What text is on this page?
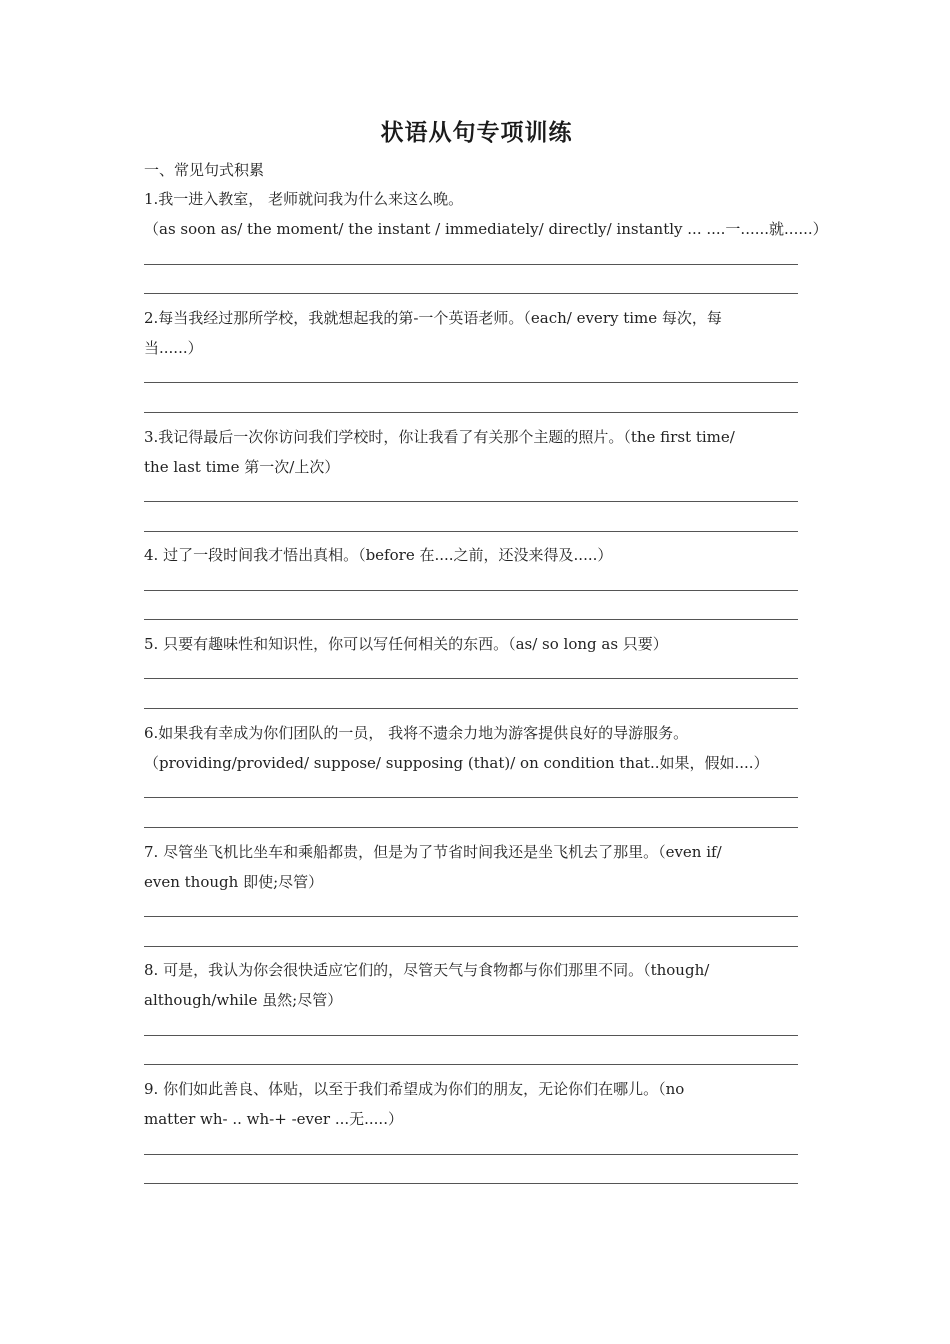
状语从句专项训练
一、常见句式积累
1.我一进入教室， 老师就问我为什么来这么晚。
（as soon as/ the moment/ the instant / immediately/ directly/ instantly ... ....一......就......）
2.每当我经过那所学校，我就想起我的第-一个英语老师。（each/ every time 每次，每
当......）
3.我记得最后一次你访问我们学校时，你让我看了有关那个主题的照片。（the first time/
the last time 第一次/上次）
4. 过了一段时间我才悟出真相。（before 在....之前，还没来得及.....）
5. 只要有趣味性和知识性，你可以写任何相关的东西。（as/ so long as 只要）
6.如果我有幸成为你们团队的一员， 我将不遗余力地为游客提供良好的导游服务。
（providing/provided/ suppose/ supposing (that)/ on condition that..如果，假如....）
7. 尽管坐飞机比坐车和乘船都贵，但是为了节省时间我还是坐飞机去了那里。（even if/
even though 即使;尽管）
8. 可是，我认为你会很快适应它们的，尽管天气与食物都与你们那里不同。（though/
although/while 虽然;尽管）
9. 你们如此善良、体贴，以至于我们希望成为你们的朋友，无论你们在哪儿。（no
matter wh- .. wh-+ -ever ...无.....）
